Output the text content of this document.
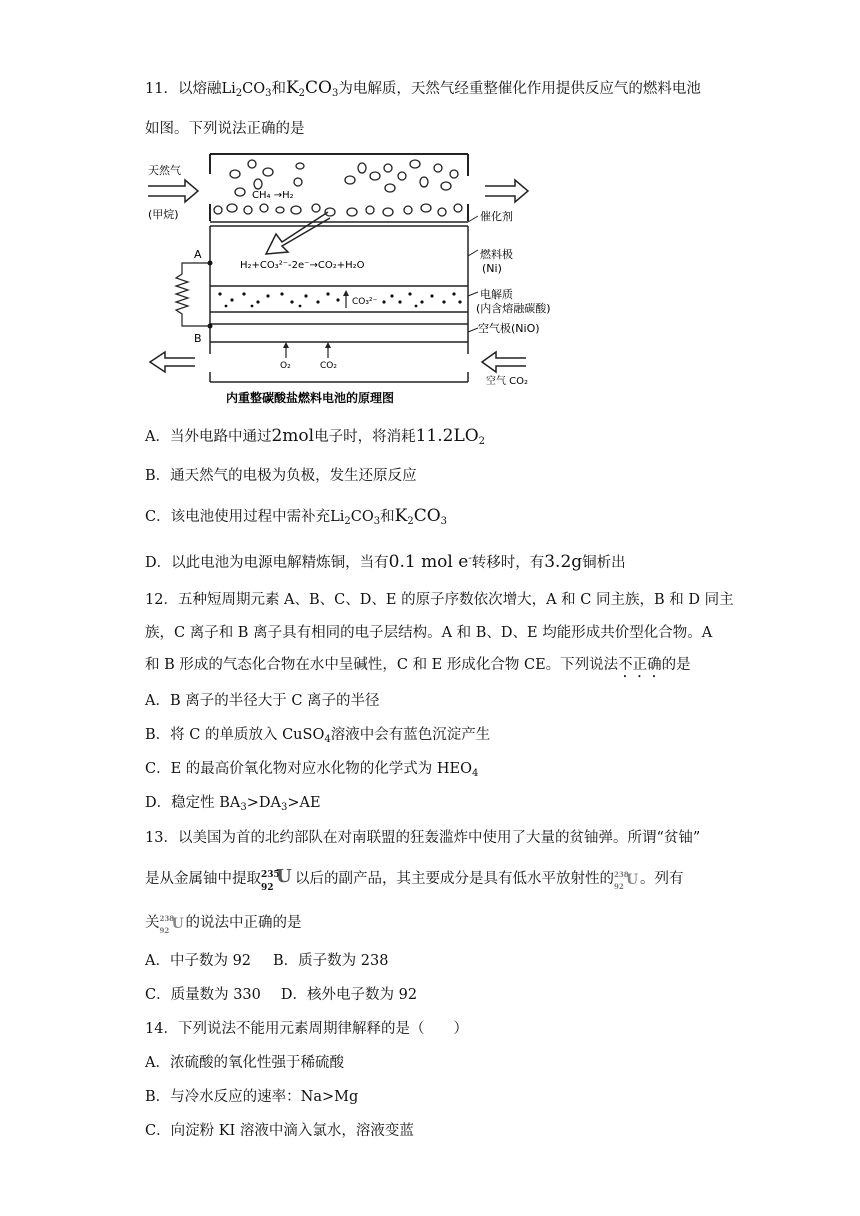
11．以熔融$Li_2CO_3$和$K_2CO_3$为电解质，天然气经重整催化作用提供反应气的燃料电池
如图。下列说法正确的是
CH₄ →H₂
天然气
(甲烷)	催化剂
H₂+CO₃²⁻-2e⁻→CO₂+H₂O
燃料极
(Ni)
CO₃²⁻
电解质
(内含熔融碳酸)
空气极(NiO)
A
B
O₂	CO₂
空气 CO₂
内重整碳酸盐燃料电池的原理图
A．当外电路中通过2mol电子时，将消耗$11.2LO_2$
B．通天然气的电极为负极，发生还原反应
C．该电池使用过程中需补充$Li_2CO_3$和$K_2CO_3$
D．以此电池为电源电解精炼铜，当有0.1 mol e-转移时，有3.2g铜析出
12．五种短周期元素 A、B、C、D、E 的原子序数依次增大，A 和 C 同主族，B 和 D 同主
族，C 离子和 B 离子具有相同的电子层结构。A 和 B、D、E 均能形成共价型化合物。A
和 B 形成的气态化合物在水中呈碱性，C 和 E 形成化合物 CE。下列说法不正确的是
A．B 离子的半径大于 C 离子的半径
B．将 C 的单质放入 CuSO$_4$溶液中会有蓝色沉淀产生
C．E 的最高价氧化物对应水化物的化学式为 $HEO_4$
D．稳定性 $BA_3>DA_3>AE$
13．以美国为首的北约部队在对南联盟的狂轰滥炸中使用了大量的贫铀弹。所谓“贫铀”
是从金属铀中提取 235
92
U 以后的副产品，其主要成分是具有低水平放射性的 238
92 U 。列有
关 238
92 U 的说法中正确的是
A．中子数为 92 B．质子数为 238
C．质量数为 330 D．核外电子数为 92
14．下列说法不能用元素周期律解释的是（　　）
A．浓硫酸的氧化性强于稀硫酸
B．与冷水反应的速率：Na>Mg
C．向淀粉 KI 溶液中滴入氯水，溶液变蓝
